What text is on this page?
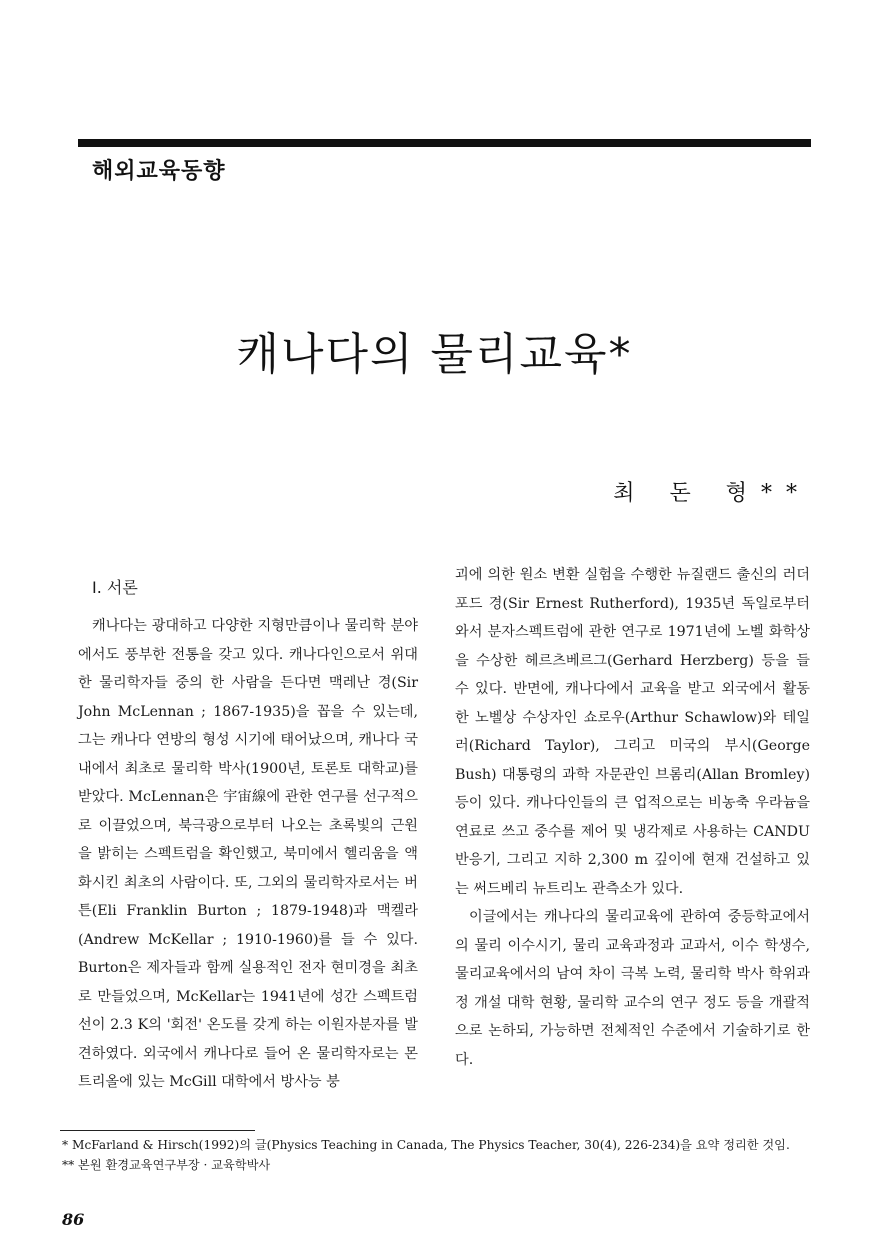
해외교육동향
캐나다의 물리교육*
최 돈 형**
I. 서론

캐나다는 광대하고 다양한 지형만큼이나 물리학 분야에서도 풍부한 전통을 갖고 있다. 캐나다인으로서 위대한 물리학자들 중의 한 사람을 든다면 맥레난 경(Sir John McLennan ; 1867-1935)을 꼽을 수 있는데, 그는 캐나다 연방의 형성 시기에 태어났으며, 캐나다 국내에서 최초로 물리학 박사(1900년, 토론토 대학교)를 받았다. McLennan은 宇宙線에 관한 연구를 선구적으로 이끌었으며, 북극광으로부터 나오는 초록빛의 근원을 밝히는 스펙트럼을 확인했고, 북미에서 헬리움을 액화시킨 최초의 사람이다. 또, 그외의 물리학자로서는 버튼(Eli Franklin Burton ; 1879-1948)과 맥켈라(Andrew McKellar ; 1910-1960)를 들 수 있다. Burton은 제자들과 함께 실용적인 전자 현미경을 최초로 만들었으며, McKellar는 1941년에 성간 스펙트럼 선이 2.3 K의 '회전' 온도를 갖게 하는 이원자분자를 발견하였다. 외국에서 캐나다로 들어 온 물리학자로는 몬트리올에 있는 McGill 대학에서 방사능 붕

괴에 의한 원소 변환 실험을 수행한 뉴질랜드 출신의 러더포드 경(Sir Ernest Rutherford), 1935년 독일로부터 와서 분자스펙트럼에 관한 연구로 1971년에 노벨 화학상을 수상한 헤르츠베르그(Gerhard Herzberg) 등을 들 수 있다. 반면에, 캐나다에서 교육을 받고 외국에서 활동한 노벨상 수상자인 쇼로우(Arthur Schawlow)와 테일러(Richard Taylor), 그리고 미국의 부시(George Bush) 대통령의 과학 자문관인 브롬리(Allan Bromley) 등이 있다. 캐나다인들의 큰 업적으로는 비농축 우라늄을 연료로 쓰고 중수를 제어 및 냉각제로 사용하는 CANDU 반응기, 그리고 지하 2,300 m 깊이에 현재 건설하고 있는 써드베리 뉴트리노 관측소가 있다.

이글에서는 캐나다의 물리교육에 관하여 중등학교에서의 물리 이수시기, 물리 교육과정과 교과서, 이수 학생수, 물리교육에서의 남여 차이 극복 노력, 물리학 박사 학위과정 개설 대학 현황, 물리학 교수의 연구 정도 등을 개괄적으로 논하되, 가능하면 전체적인 수준에서 기술하기로 한다.

* McFarland & Hirsch(1992)의 글(Physics Teaching in Canada, The Physics Teacher, 30(4), 226-234)을 요약 정리한 것임.

** 본원 환경교육연구부장 · 교육학박사

86
